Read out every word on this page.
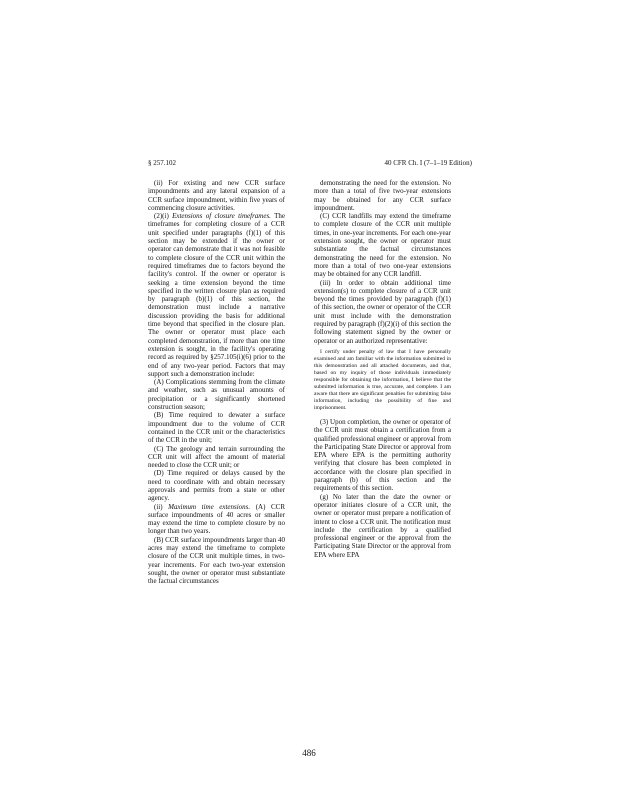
§ 257.102	40 CFR Ch. I (7–1–19 Edition)

(ii) For existing and new CCR surface impoundments and any lateral expansion of a CCR surface impoundment, within five years of commencing closure activities.

(2)(i) Extensions of closure timeframes. The timeframes for completing closure of a CCR unit specified under paragraphs (f)(1) of this section may be extended if the owner or operator can demonstrate that it was not feasible to complete closure of the CCR unit within the required timeframes due to factors beyond the facility's control. If the owner or operator is seeking a time extension beyond the time specified in the written closure plan as required by paragraph (b)(1) of this section, the demonstration must include a narrative discussion providing the basis for additional time beyond that specified in the closure plan. The owner or operator must place each completed demonstration, if more than one time extension is sought, in the facility's operating record as required by §257.105(i)(6) prior to the end of any two-year period. Factors that may support such a demonstration include:

(A) Complications stemming from the climate and weather, such as unusual amounts of precipitation or a significantly shortened construction season;

(B) Time required to dewater a surface impoundment due to the volume of CCR contained in the CCR unit or the characteristics of the CCR in the unit;

(C) The geology and terrain surrounding the CCR unit will affect the amount of material needed to close the CCR unit; or

(D) Time required or delays caused by the need to coordinate with and obtain necessary approvals and permits from a state or other agency.

(ii) Maximum time extensions. (A) CCR surface impoundments of 40 acres or smaller may extend the time to complete closure by no longer than two years.

(B) CCR surface impoundments larger than 40 acres may extend the timeframe to complete closure of the CCR unit multiple times, in two-year increments. For each two-year extension sought, the owner or operator must substantiate the factual circumstances

demonstrating the need for the extension. No more than a total of five two-year extensions may be obtained for any CCR surface impoundment.

(C) CCR landfills may extend the timeframe to complete closure of the CCR unit multiple times, in one-year increments. For each one-year extension sought, the owner or operator must substantiate the factual circumstances demonstrating the need for the extension. No more than a total of two one-year extensions may be obtained for any CCR landfill.

(iii) In order to obtain additional time extension(s) to complete closure of a CCR unit beyond the times provided by paragraph (f)(1) of this section, the owner or operator of the CCR unit must include with the demonstration required by paragraph (f)(2)(i) of this section the following statement signed by the owner or operator or an authorized representative:

I certify under penalty of law that I have personally examined and am familiar with the information submitted in this demonstration and all attached documents, and that, based on my inquiry of those individuals immediately responsible for obtaining the information, I believe that the submitted information is true, accurate, and complete. I am aware that there are significant penalties for submitting false information, including the possibility of fine and imprisonment.

(3) Upon completion, the owner or operator of the CCR unit must obtain a certification from a qualified professional engineer or approval from the Participating State Director or approval from EPA where EPA is the permitting authority verifying that closure has been completed in accordance with the closure plan specified in paragraph (b) of this section and the requirements of this section.

(g) No later than the date the owner or operator initiates closure of a CCR unit, the owner or operator must prepare a notification of intent to close a CCR unit. The notification must include the certification by a qualified professional engineer or the approval from the Participating State Director or the approval from EPA where EPA

486
